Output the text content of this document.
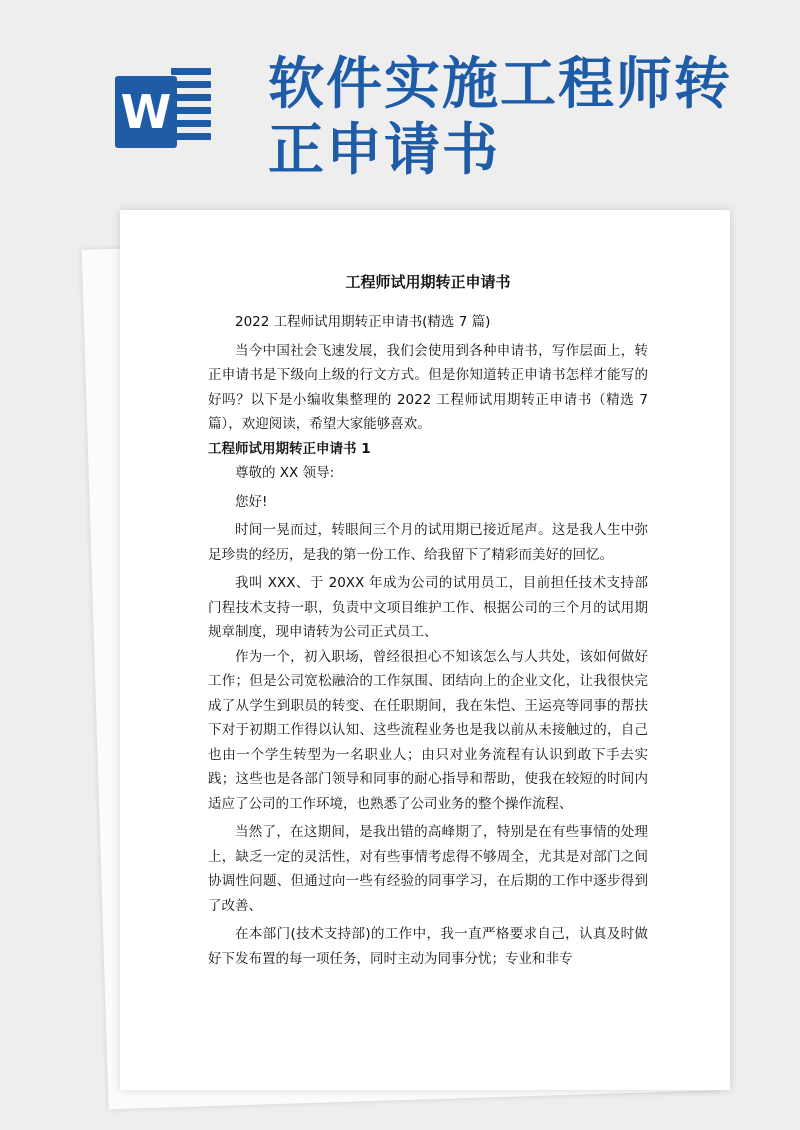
W 软件实施工程师转正申请书
工程师试用期转正申请书

2022 工程师试用期转正申请书(精选 7 篇)

当今中国社会飞速发展，我们会使用到各种申请书，写作层面上，转正申请书是下级向上级的行文方式。但是你知道转正申请书怎样才能写的好吗？以下是小编收集整理的 2022 工程师试用期转正申请书（精选 7 篇），欢迎阅读，希望大家能够喜欢。

工程师试用期转正申请书 1

尊敬的 XX 领导:

您好!

时间一晃而过，转眼间三个月的试用期已接近尾声。这是我人生中弥足珍贵的经历，是我的第一份工作、给我留下了精彩而美好的回忆。

我叫 XXX、于 20XX 年成为公司的试用员工，目前担任技术支持部门程技术支持一职，负责中文项目维护工作、根据公司的三个月的试用期规章制度，现申请转为公司正式员工、

作为一个，初入职场，曾经很担心不知该怎么与人共处，该如何做好工作；但是公司宽松融洽的工作氛围、团结向上的企业文化，让我很快完成了从学生到职员的转变、在任职期间，我在朱恺、王运亮等同事的帮扶下对于初期工作得以认知、这些流程业务也是我以前从未接触过的，自己也由一个学生转型为一名职业人；由只对业务流程有认识到敢下手去实践；这些也是各部门领导和同事的耐心指导和帮助，使我在较短的时间内适应了公司的工作环境，也熟悉了公司业务的整个操作流程、

当然了，在这期间，是我出错的高峰期了，特别是在有些事情的处理上，缺乏一定的灵活性，对有些事情考虑得不够周全，尤其是对部门之间协调性问题、但通过向一些有经验的同事学习，在后期的工作中逐步得到了改善、

在本部门(技术支持部)的工作中，我一直严格要求自己，认真及时做好下发布置的每一项任务，同时主动为同事分忧；专业和非专
